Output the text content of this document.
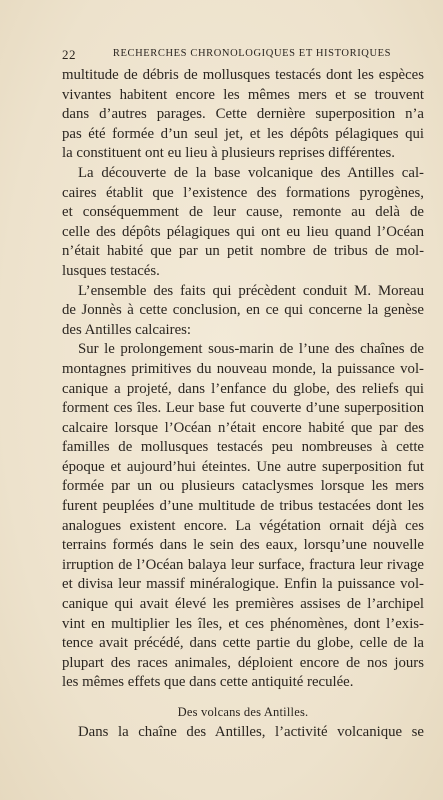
22	RECHERCHES CHRONOLOGIQUES ET HISTORIQUES
multitude de débris de mollusques testacés dont les espèces
vivantes habitent encore les mêmes mers et se trouvent
dans d’autres parages. Cette dernière superposition n’a
pas été formée d’un seul jet, et les dépôts pélagiques qui
la constituent ont eu lieu à plusieurs reprises différentes.
La découverte de la base volcanique des Antilles cal-
caires établit que l’existence des formations pyrogènes,
et conséquemment de leur cause, remonte au delà de
celle des dépôts pélagiques qui ont eu lieu quand l’Océan
n’était habité que par un petit nombre de tribus de mol-
lusques testacés.
L’ensemble des faits qui précèdent conduit M. Moreau
de Jonnès à cette conclusion, en ce qui concerne la genèse
des Antilles calcaires:
Sur le prolongement sous-marin de l’une des chaînes de
montagnes primitives du nouveau monde, la puissance vol-
canique a projeté, dans l’enfance du globe, des reliefs qui
forment ces îles. Leur base fut couverte d’une superposition
calcaire lorsque l’Océan n’était encore habité que par des
familles de mollusques testacés peu nombreuses à cette
époque et aujourd’hui éteintes. Une autre superposition fut
formée par un ou plusieurs cataclysmes lorsque les mers
furent peuplées d’une multitude de tribus testacées dont les
analogues existent encore. La végétation ornait déjà ces
terrains formés dans le sein des eaux, lorsqu’une nouvelle
irruption de l’Océan balaya leur surface, fractura leur rivage
et divisa leur massif minéralogique. Enfin la puissance vol-
canique qui avait élevé les premières assises de l’archipel
vint en multiplier les îles, et ces phénomènes, dont l’exis-
tence avait précédé, dans cette partie du globe, celle de la
plupart des races animales, déploient encore de nos jours
les mêmes effets que dans cette antiquité reculée.
Des volcans des Antilles.
Dans la chaîne des Antilles, l’activité volcanique se
